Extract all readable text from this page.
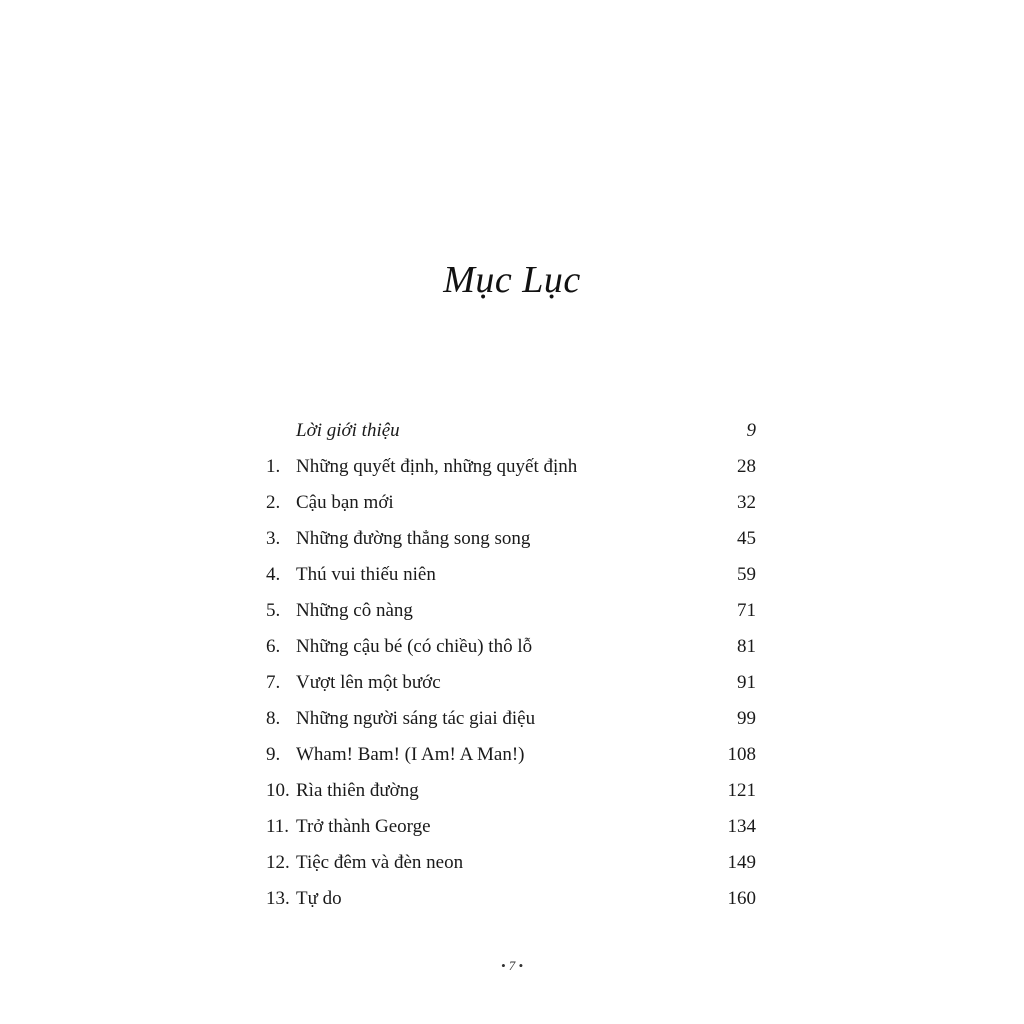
Mục Lục
Lời giới thiệu	9
1. Những quyết định, những quyết định	28
2. Cậu bạn mới	32
3. Những đường thẳng song song	45
4. Thú vui thiếu niên	59
5. Những cô nàng	71
6. Những cậu bé (có chiều) thô lỗ	81
7. Vượt lên một bước	91
8. Những người sáng tác giai điệu	99
9. Wham! Bam! (I Am! A Man!)	108
10. Rìa thiên đường	121
11. Trở thành George	134
12. Tiệc đêm và đèn neon	149
13. Tự do	160
• 7 •
